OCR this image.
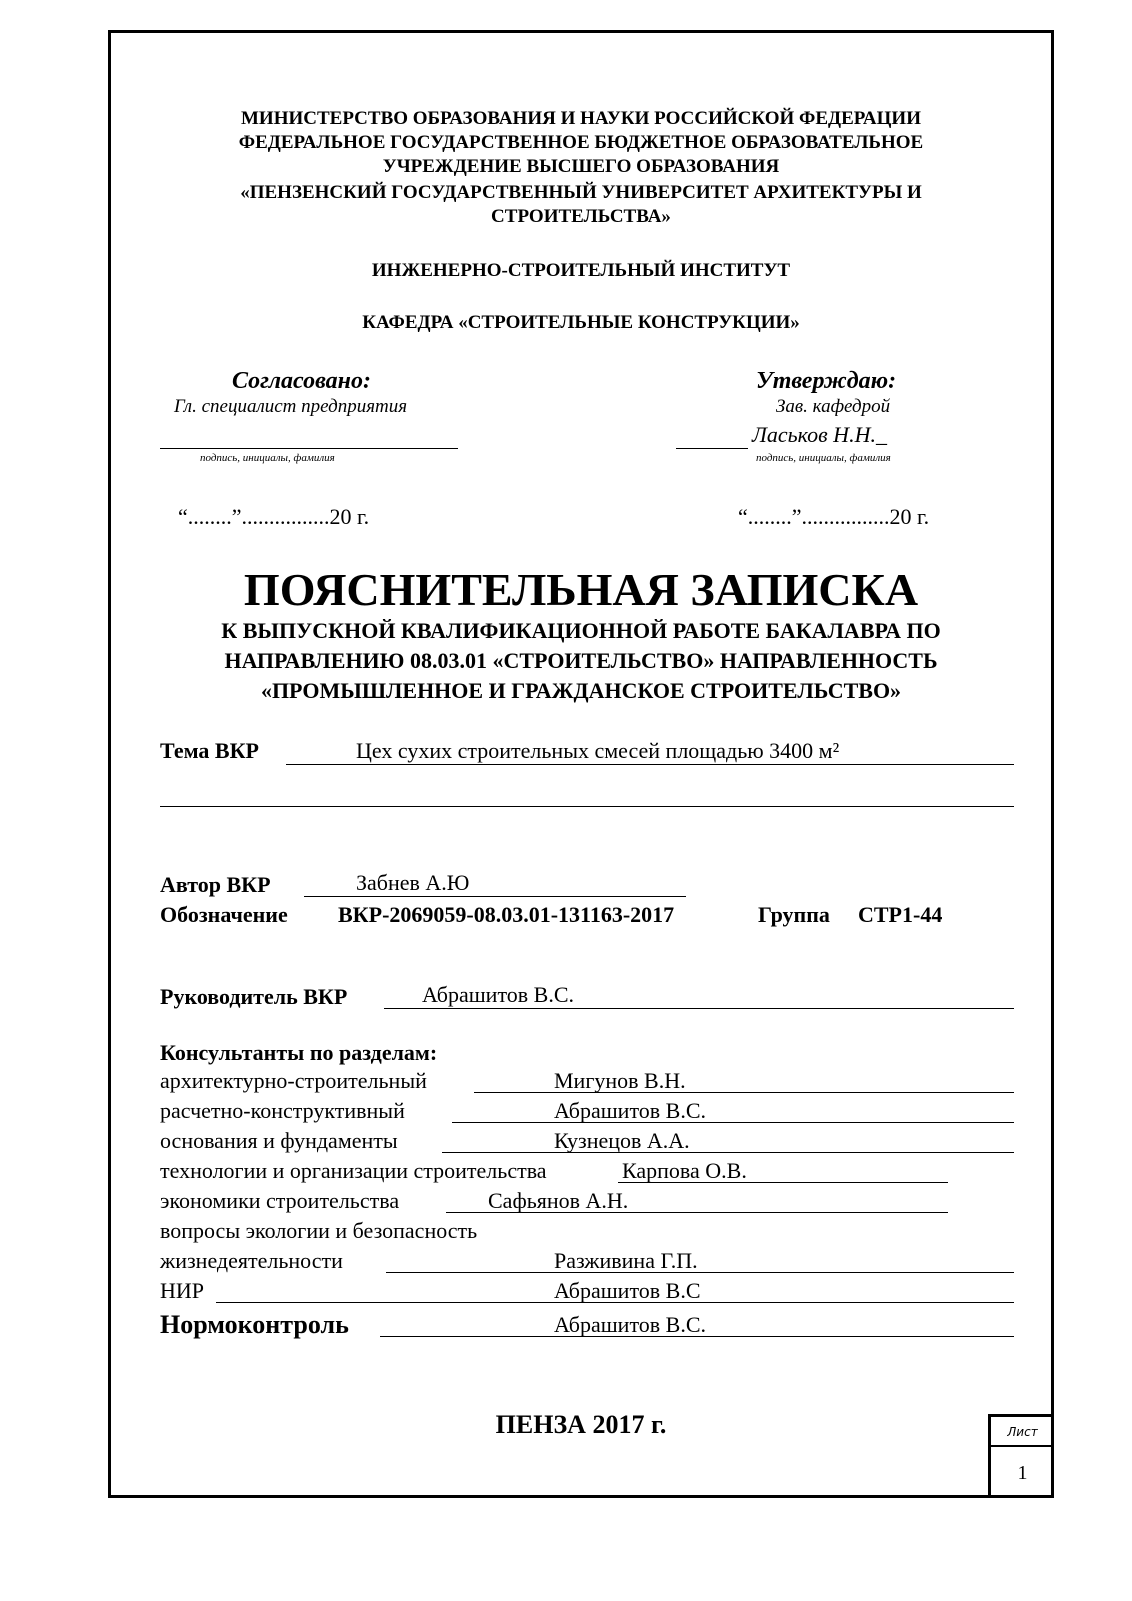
МИНИСТЕРСТВО ОБРАЗОВАНИЯ И НАУКИ РОССИЙСКОЙ ФЕДЕРАЦИИ
ФЕДЕРАЛЬНОЕ ГОСУДАРСТВЕННОЕ БЮДЖЕТНОЕ ОБРАЗОВАТЕЛЬНОЕ
УЧРЕЖДЕНИЕ ВЫСШЕГО ОБРАЗОВАНИЯ
«ПЕНЗЕНСКИЙ ГОСУДАРСТВЕННЫЙ УНИВЕРСИТЕТ АРХИТЕКТУРЫ И
СТРОИТЕЛЬСТВА»
ИНЖЕНЕРНО-СТРОИТЕЛЬНЫЙ ИНСТИТУТ
КАФЕДРА «СТРОИТЕЛЬНЫЕ КОНСТРУКЦИИ»
Согласовано:
Гл. специалист предприятия
подпись, инициалы, фамилия
“........”................20 г.
Утверждаю:
Зав. кафедрой
Ласьков Н.Н._
подпись, инициалы, фамилия
“........”................20 г.
ПОЯСНИТЕЛЬНАЯ ЗАПИСКА
К ВЫПУСКНОЙ КВАЛИФИКАЦИОННОЙ РАБОТЕ БАКАЛАВРА ПО
НАПРАВЛЕНИЮ 08.03.01 «СТРОИТЕЛЬСТВО» НАПРАВЛЕННОСТЬ
«ПРОМЫШЛЕННОЕ И ГРАЖДАНСКОЕ СТРОИТЕЛЬСТВО»
Тема ВКР	Цех сухих строительных смесей площадью 3400 м²
Автор ВКР	Забнев А.Ю
Обозначение ВКР-2069059-08.03.01-131163-2017	Группа СТР1-44
Руководитель ВКР	Абрашитов В.С.
Консультанты по разделам:
архитектурно-строительный	Мигунов В.Н.
расчетно-конструктивный	Абрашитов В.С.
основания и фундаменты	Кузнецов А.А.
технологии и организации строительства	Карпова О.В.
экономики строительства	Сафьянов А.Н.
вопросы экологии и безопасность
жизнедеятельности	Разживина Г.П.
НИР	Абрашитов В.С
Нормоконтроль	Абрашитов В.С.
ПЕНЗА 2017 г.	Лист
1
